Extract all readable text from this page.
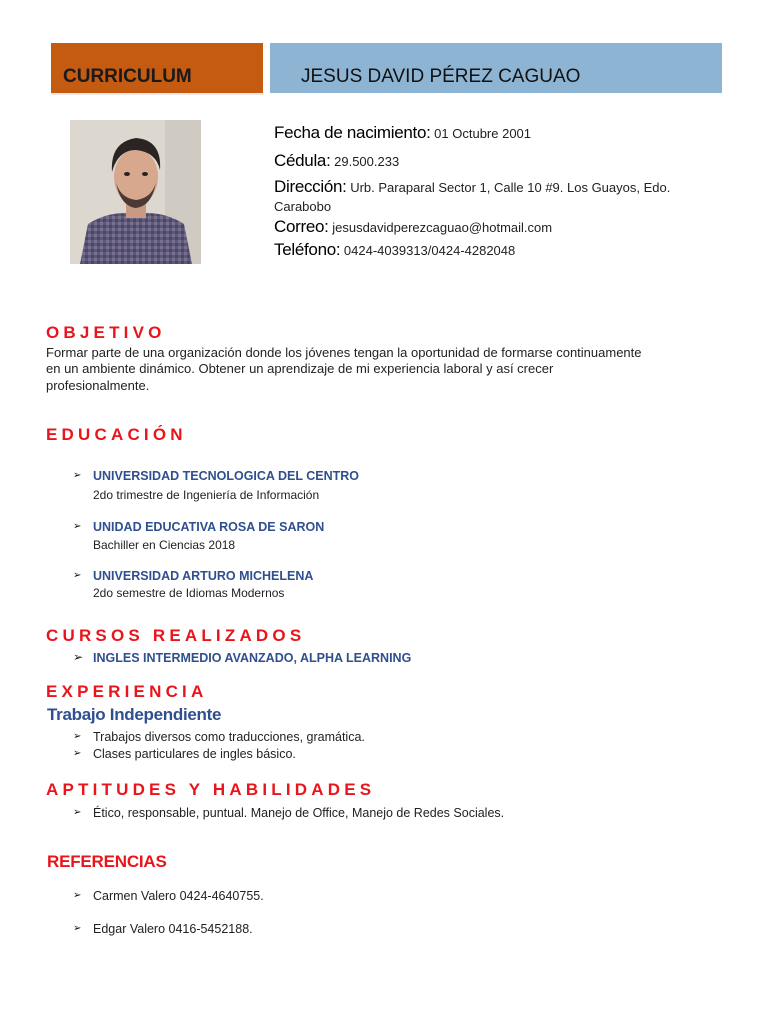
CURRICULUM	JESUS DAVID PÉREZ CAGUAO
Fecha de nacimiento: 01 Octubre 2001
Cédula: 29.500.233
Dirección: Urb. Paraparal Sector 1, Calle 10 #9. Los Guayos, Edo.
Carabobo
Correo: jesusdavidperezcaguao@hotmail.com
Teléfono: 0424-4039313/0424-4282048
OBJETIVO
Formar parte de una organización donde los jóvenes tengan la oportunidad de formarse continuamente
en un ambiente dinámico. Obtener un aprendizaje de mi experiencia laboral y así crecer
profesionalmente.
EDUCACIÓN
➢ UNIVERSIDAD TECNOLOGICA DEL CENTRO
2do trimestre de Ingeniería de Información
➢ UNIDAD EDUCATIVA ROSA DE SARON
Bachiller en Ciencias 2018
➢ UNIVERSIDAD ARTURO MICHELENA
2do semestre de Idiomas Modernos
CURSOS REALIZADOS
➢ INGLES INTERMEDIO AVANZADO, ALPHA LEARNING
EXPERIENCIA
Trabajo Independiente
➢ Trabajos diversos como traducciones, gramática.
➢ Clases particulares de ingles básico.
APTITUDES Y HABILIDADES
➢ Ético, responsable, puntual. Manejo de Office, Manejo de Redes Sociales.
REFERENCIAS
➢ Carmen Valero 0424-4640755.
➢ Edgar Valero 0416-5452188.
